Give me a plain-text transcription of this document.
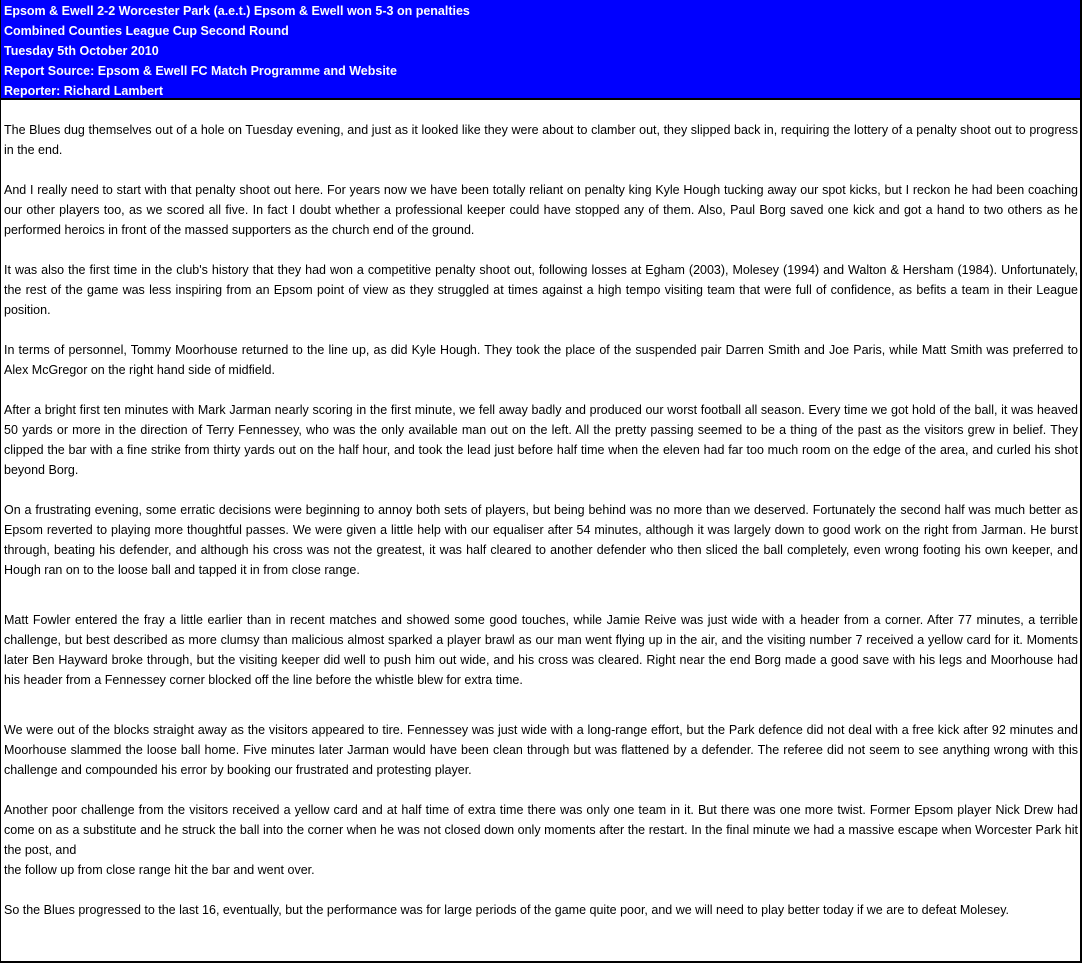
Epsom & Ewell 2-2 Worcester Park (a.e.t.) Epsom & Ewell won 5-3 on penalties
Combined Counties League Cup Second Round
Tuesday 5th October 2010
Report Source: Epsom & Ewell FC Match Programme and Website
Reporter: Richard Lambert

The Blues dug themselves out of a hole on Tuesday evening, and just as it looked like they were about to clamber out, they slipped back in, requiring the lottery of a penalty shoot out to progress in the end.

And I really need to start with that penalty shoot out here. For years now we have been totally reliant on penalty king Kyle Hough tucking away our spot kicks, but I reckon he had been coaching our other players too, as we scored all five. In fact I doubt whether a professional keeper could have stopped any of them. Also, Paul Borg saved one kick and got a hand to two others as he performed heroics in front of the massed supporters as the church end of the ground.

It was also the first time in the club's history that they had won a competitive penalty shoot out, following losses at Egham (2003), Molesey (1994) and Walton & Hersham (1984). Unfortunately, the rest of the game was less inspiring from an Epsom point of view as they struggled at times against a high tempo visiting team that were full of confidence, as befits a team in their League position.

In terms of personnel, Tommy Moorhouse returned to the line up, as did Kyle Hough. They took the place of the suspended pair Darren Smith and Joe Paris, while Matt Smith was preferred to Alex McGregor on the right hand side of midfield.

After a bright first ten minutes with Mark Jarman nearly scoring in the first minute, we fell away badly and produced our worst football all season. Every time we got hold of the ball, it was heaved 50 yards or more in the direction of Terry Fennessey, who was the only available man out on the left. All the pretty passing seemed to be a thing of the past as the visitors grew in belief. They clipped the bar with a fine strike from thirty yards out on the half hour, and took the lead just before half time when the eleven had far too much room on the edge of the area, and curled his shot beyond Borg.

On a frustrating evening, some erratic decisions were beginning to annoy both sets of players, but being behind was no more than we deserved. Fortunately the second half was much better as Epsom reverted to playing more thoughtful passes. We were given a little help with our equaliser after 54 minutes, although it was largely down to good work on the right from Jarman. He burst through, beating his defender, and although his cross was not the greatest, it was half cleared to another defender who then sliced the ball completely, even wrong footing his own keeper, and Hough ran on to the loose ball and tapped it in from close range.

Matt Fowler entered the fray a little earlier than in recent matches and showed some good touches, while Jamie Reive was just wide with a header from a corner. After 77 minutes, a terrible challenge, but best described as more clumsy than malicious almost sparked a player brawl as our man went flying up in the air, and the visiting number 7 received a yellow card for it. Moments later Ben Hayward broke through, but the visiting keeper did well to push him out wide, and his cross was cleared. Right near the end Borg made a good save with his legs and Moorhouse had his header from a Fennessey corner blocked off the line before the whistle blew for extra time.

We were out of the blocks straight away as the visitors appeared to tire. Fennessey was just wide with a long-range effort, but the Park defence did not deal with a free kick after 92 minutes and Moorhouse slammed the loose ball home. Five minutes later Jarman would have been clean through but was flattened by a defender. The referee did not seem to see anything wrong with this challenge and compounded his error by booking our frustrated and protesting player.

Another poor challenge from the visitors received a yellow card and at half time of extra time there was only one team in it. But there was one more twist. Former Epsom player Nick Drew had come on as a substitute and he struck the ball into the corner when he was not closed down only moments after the restart. In the final minute we had a massive escape when Worcester Park hit the post, and
the follow up from close range hit the bar and went over.

So the Blues progressed to the last 16, eventually, but the performance was for large periods of the game quite poor, and we will need to play better today if we are to defeat Molesey.
